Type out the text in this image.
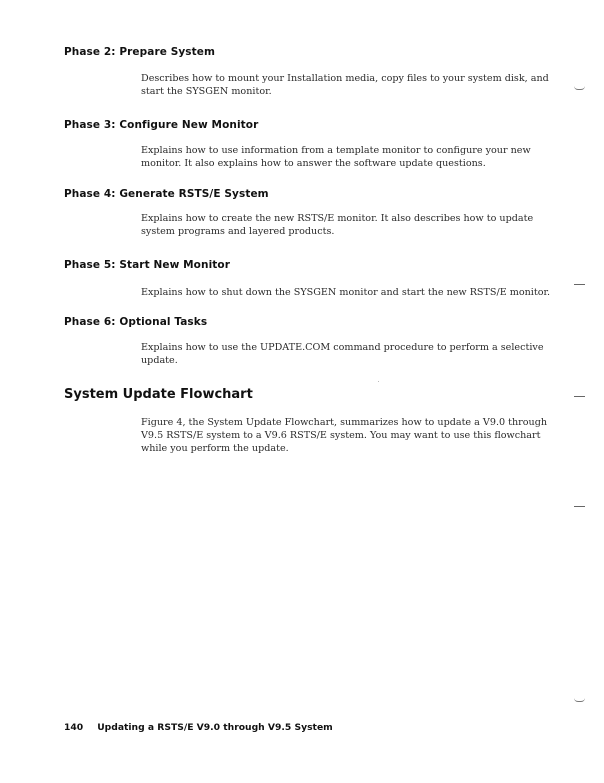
Phase 2: Prepare System
Describes how to mount your Installation media, copy files to your system disk, and
start the SYSGEN monitor.
Phase 3: Configure New Monitor
Explains how to use information from a template monitor to configure your new
monitor. It also explains how to answer the software update questions.
Phase 4: Generate RSTS/E System
Explains how to create the new RSTS/E monitor. It also describes how to update
system programs and layered products.
Phase 5: Start New Monitor
Explains how to shut down the SYSGEN monitor and start the new RSTS/E monitor.
Phase 6: Optional Tasks
Explains how to use the UPDATE.COM command procedure to perform a selective
update.
System Update Flowchart
Figure 4, the System Update Flowchart, summarizes how to update a V9.0 through
V9.5 RSTS/E system to a V9.6 RSTS/E system. You may want to use this flowchart
while you perform the update.
140 Updating a RSTS/E V9.0 through V9.5 System
